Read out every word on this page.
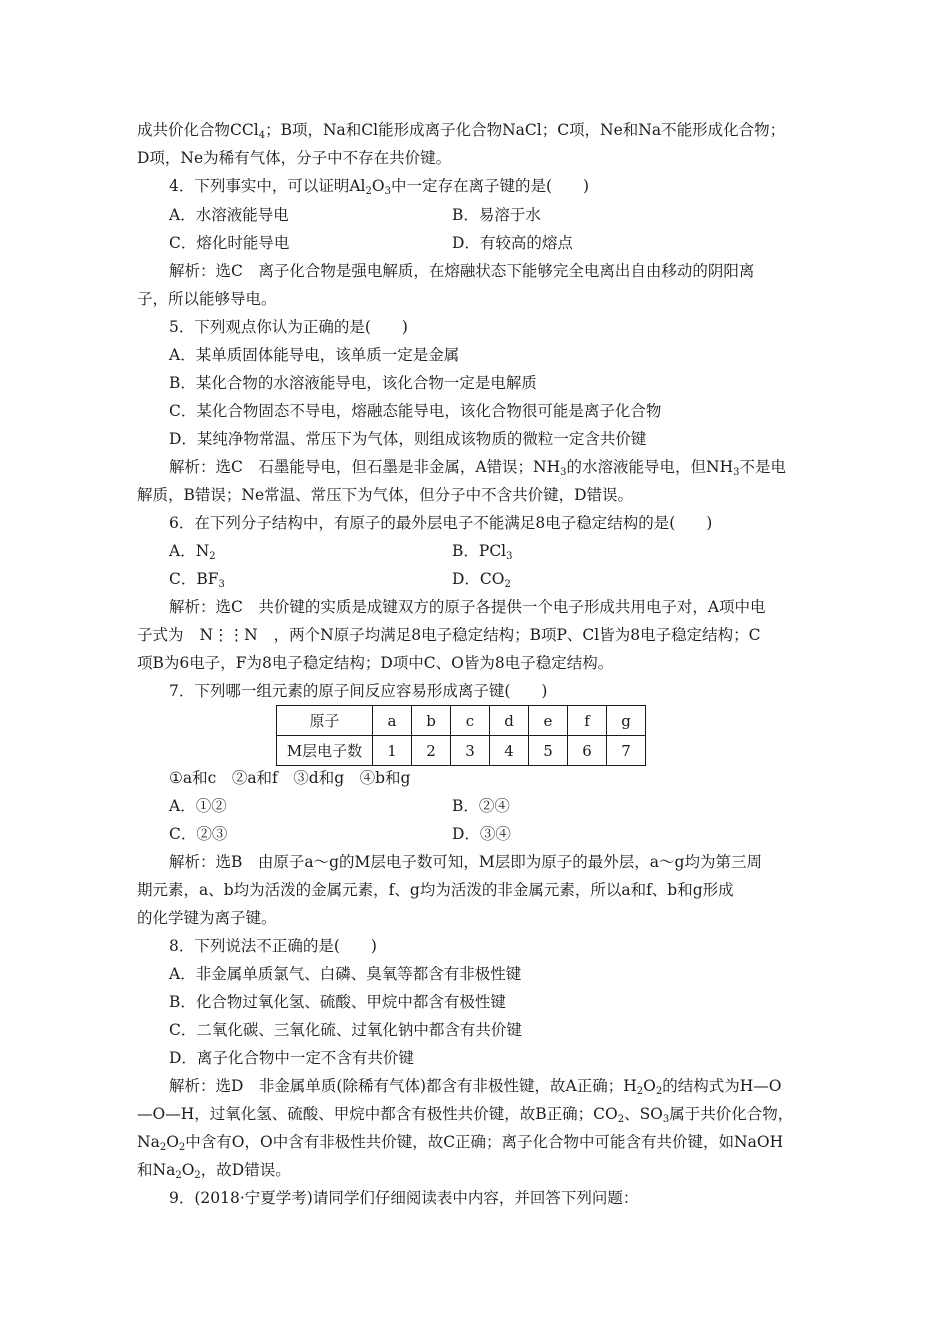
成共价化合物CCl$_4$；B项，Na和Cl能形成离子化合物NaCl；C项，Ne和Na不能形成化合物；
D项，Ne为稀有气体，分子中不存在共价键。
4．下列事实中，可以证明$Al_2O_3$中一定存在离子键的是(　　)
A．水溶液能导电	B．易溶于水
C．熔化时能导电	D．有较高的熔点
解析：选C　离子化合物是强电解质，在熔融状态下能够完全电离出自由移动的阴阳离
子，所以能够导电。
5．下列观点你认为正确的是(　　)
A．某单质固体能导电，该单质一定是金属
B．某化合物的水溶液能导电，该化合物一定是电解质
C．某化合物固态不导电，熔融态能导电，该化合物很可能是离子化合物
D．某纯净物常温、常压下为气体，则组成该物质的微粒一定含共价键
解析：选C　石墨能导电，但石墨是非金属，A错误；$NH_3$的水溶液能导电，但$NH_3$不是电
解质，B错误；Ne常温、常压下为气体，但分子中不含共价键，D错误。
6．在下列分子结构中，有原子的最外层电子不能满足8电子稳定结构的是(　　)
A．$N_2$	B．PCl$_3$
C．$BF_3$	D．$CO_2$
解析：选C　共价键的实质是成键双方的原子各提供一个电子形成共用电子对，A项中电
子式为 N⋮⋮N ，两个N原子均满足8电子稳定结构；B项P、Cl皆为8电子稳定结构；C
项B为6电子，F为8电子稳定结构；D项中C、O皆为8电子稳定结构。
7．下列哪一组元素的原子间反应容易形成离子键(　　)
原子	a	b	c	d	e	f	g
M层电子数	1	2	3	4	5	6	7
①a和c　②a和f　③d和g　④b和g
A．①②	B．②④
C．②③	D．③④
解析：选B　由原子a～g的M层电子数可知，M层即为原子的最外层，a～g均为第三周
期元素，a、b均为活泼的金属元素，f、g均为活泼的非金属元素，所以a和f、b和g形成
的化学键为离子键。
8．下列说法不正确的是(　　)
A．非金属单质氯气、白磷、臭氧等都含有非极性键
B．化合物过氧化氢、硫酸、甲烷中都含有极性键
C．二氧化碳、三氧化硫、过氧化钠中都含有共价键
D．离子化合物中一定不含有共价键
解析：选D　非金属单质(除稀有气体)都含有非极性键，故A正确；$H_2O_2$的结构式为H—O
—O—H，过氧化氢、硫酸、甲烷中都含有极性共价键，故B正确；$CO_2$、$SO_3$属于共价化合物，
$Na_2O_2$中含有O，O中含有非极性共价键，故C正确；离子化合物中可能含有共价键，如NaOH
和$Na_2O_2$，故D错误。
9．(2018·宁夏学考)请同学们仔细阅读表中内容，并回答下列问题：
